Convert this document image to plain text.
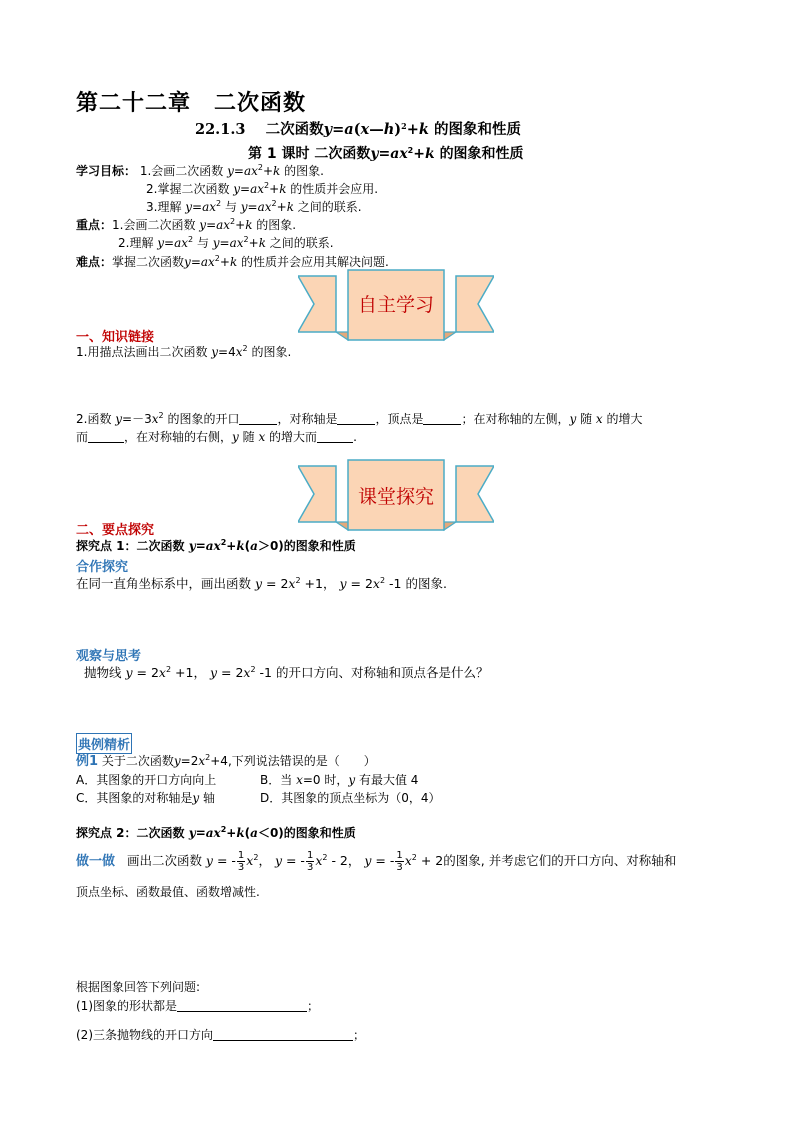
第二十二章　二次函数
22.1.3 二次函数y=a(x—h)$^2$+k 的图象和性质
第 1 课时 二次函数$y=ax^2+k$ 的图象和性质
学习目标： 1.会画二次函数 $y=ax^2+k$ 的图象.
2.掌握二次函数 $y=ax^2+k$ 的性质并会应用.
3.理解 $y=ax^2$ 与 $y=ax^2+k$ 之间的联系.
重点：1.会画二次函数 $y=ax^2+k$ 的图象.
2.理解 $y=ax^2$ 与 $y=ax^2+k$ 之间的联系.
难点：掌握二次函数$y=ax^2+k$ 的性质并会应用其解决问题.
自主学习
一、知识链接
1.用描点法画出二次函数 $y=4x^2$ 的图象.
2.函数 $y=-3x^2$ 的图象的开口	，对称轴是	，顶点是	；在对称轴的左侧，y 随 x 的增大
而	，在对称轴的右侧，y 随 x 的增大而	.
课堂探究
二、要点探究
探究点 1：二次函数 $y=ax^2+k(a>0)$的图象和性质
合作探究
在同一直角坐标系中，画出函数 $y = 2x^2 +1$， $y = 2x^2$ -1 的图象.
观察与思考
抛物线 $y = 2x^2 +1$， $y = 2x^2$ -1 的开口方向、对称轴和顶点各是什么？
典例精析
例1 关于二次函数$y=2x^2+4$,下列说法错误的是（　　）
A．其图象的开口方向向上	B．当 x=0 时，y 有最大值 4
C．其图象的对称轴是y 轴	D．其图象的顶点坐标为（0，4）
探究点 2：二次函数 $y=ax^2+k(a<0)$的图象和性质
做一做 画出二次函数 y = - $\frac{1}{3} x^2$， y = - $\frac{1}{3} x^2 - 2$， y = - $\frac{1}{3} x^2 + 2$的图象, 并考虑它们的开口方向、对称轴和
顶点坐标、函数最值、函数增减性.
根据图象回答下列问题:
(1)图象的形状都是	；
(2)三条抛物线的开口方向	；
